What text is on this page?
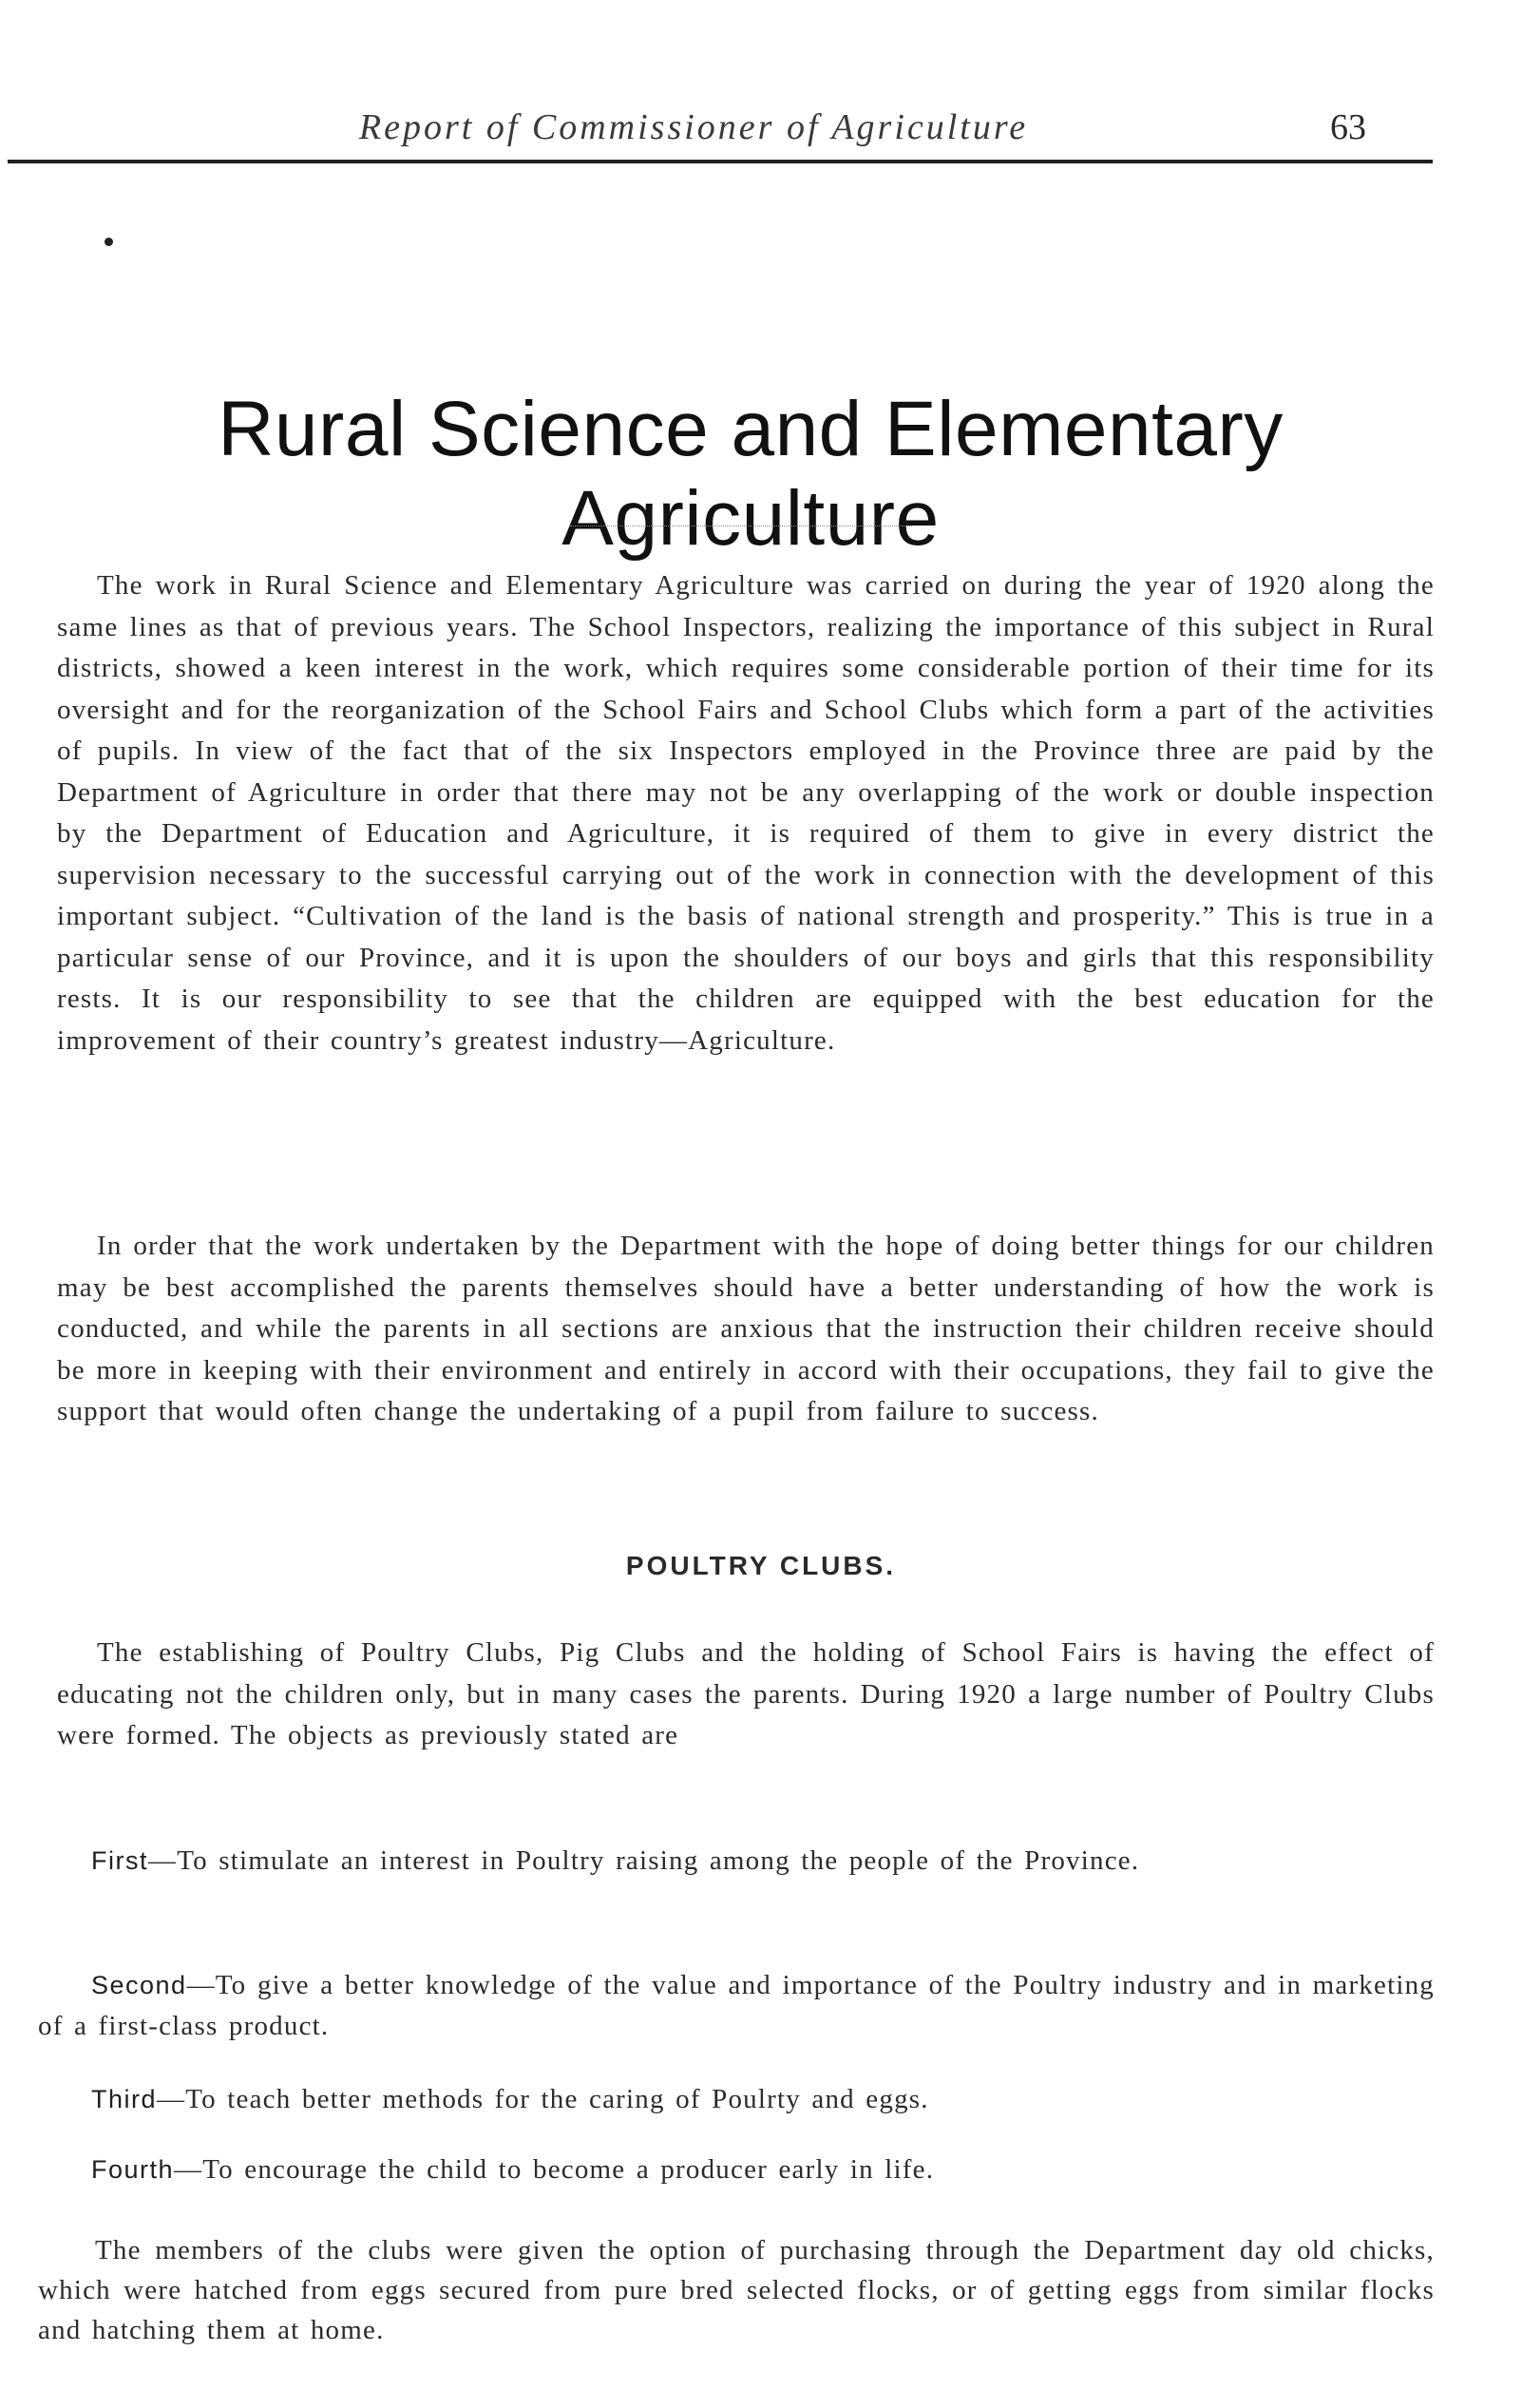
Report of Commissioner of Agriculture	63
Rural Science and Elementary Agriculture

The work in Rural Science and Elementary Agriculture was carried on during the year of 1920 along the same lines as that of previous years. The School Inspectors, realizing the importance of this subject in Rural districts, showed a keen interest in the work, which requires some considerable portion of their time for its oversight and for the reorganization of the School Fairs and School Clubs which form a part of the activities of pupils. In view of the fact that of the six Inspectors employed in the Province three are paid by the Department of Agriculture in order that there may not be any overlapping of the work or double inspection by the Department of Education and Agriculture, it is required of them to give in every district the supervision necessary to the successful carrying out of the work in connection with the development of this important subject. “Cultivation of the land is the basis of national strength and prosperity.” This is true in a particular sense of our Province, and it is upon the shoulders of our boys and girls that this responsibility rests. It is our responsibility to see that the children are equipped with the best education for the improvement of their country’s greatest industry—Agriculture.

In order that the work undertaken by the Department with the hope of doing better things for our children may be best accomplished the parents themselves should have a better understanding of how the work is conducted, and while the parents in all sections are anxious that the instruction their children receive should be more in keeping with their environment and entirely in accord with their occupations, they fail to give the support that would often change the undertaking of a pupil from failure to success.

POULTRY CLUBS.

The establishing of Poultry Clubs, Pig Clubs and the holding of School Fairs is having the effect of educating not the children only, but in many cases the parents. During 1920 a large number of Poultry Clubs were formed. The objects as previously stated are

First—To stimulate an interest in Poultry raising among the people of the Province.

Second—To give a better knowledge of the value and importance of the Poultry industry and in marketing of a first-class product.

Third—To teach better methods for the caring of Poulrty and eggs.

Fourth—To encourage the child to become a producer early in life.

The members of the clubs were given the option of purchasing through the Department day old chicks, which were hatched from eggs secured from pure bred selected flocks, or of getting eggs from similar flocks and hatching them at home.
